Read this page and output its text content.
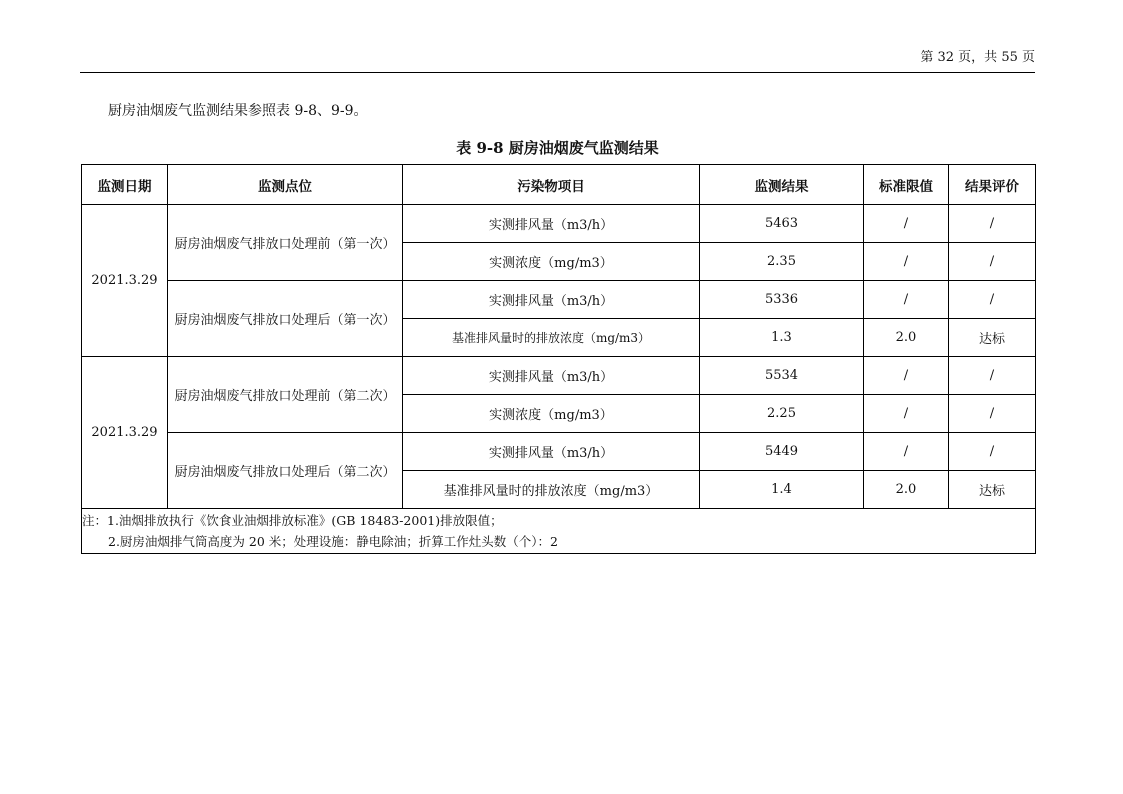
第 32 页，共 55 页
厨房油烟废气监测结果参照表 9-8、9-9。
表 9-8 厨房油烟废气监测结果
监测日期	监测点位	污染物项目	监测结果	标准限值	结果评价
2021.3.29	厨房油烟废气排放口处理前（第一次）	实测排风量（m3/h）	5463	/	/
		实测浓度（mg/m3）	2.35	/	/
	厨房油烟废气排放口处理后（第一次）	实测排风量（m3/h）	5336	/	/
		基准排风量时的排放浓度（mg/m3）	1.3	2.0	达标
2021.3.29	厨房油烟废气排放口处理前（第二次）	实测排风量（m3/h）	5534	/	/
		实测浓度（mg/m3）	2.25	/	/
	厨房油烟废气排放口处理后（第二次）	实测排风量（m3/h）	5449	/	/
		基准排风量时的排放浓度（mg/m3）	1.4	2.0	达标

注：1.油烟排放执行《饮食业油烟排放标准》(GB 18483-2001)排放限值；
2.厨房油烟排气筒高度为 20 米；处理设施：静电除油；折算工作灶头数（个）：2					
